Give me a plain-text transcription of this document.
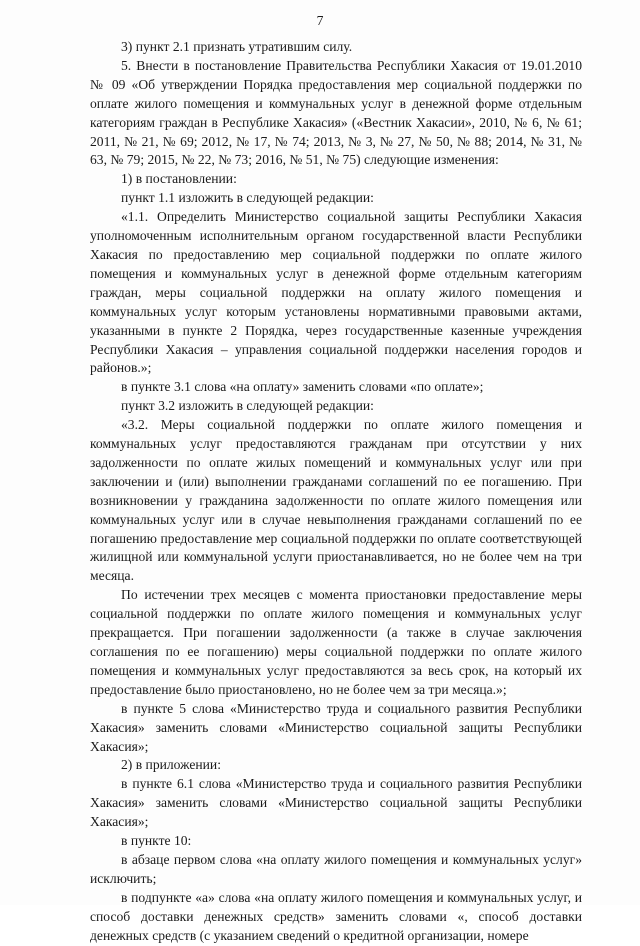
7

3) пункт 2.1 признать утратившим силу.

5. Внести в постановление Правительства Республики Хакасия от 19.01.2010 № 09 «Об утверждении Порядка предоставления мер социальной поддержки по оплате жилого помещения и коммунальных услуг в денежной форме отдельным категориям граждан в Республике Хакасия» («Вестник Хакасии», 2010, № 6, № 61; 2011, № 21, № 69; 2012, № 17, № 74; 2013, № 3, № 27, № 50, № 88; 2014, № 31, № 63, № 79; 2015, № 22, № 73; 2016, № 51, № 75) следующие изменения:

1) в постановлении:

пункт 1.1 изложить в следующей редакции:

«1.1. Определить Министерство социальной защиты Республики Хакасия уполномоченным исполнительным органом государственной власти Республики Хакасия по предоставлению мер социальной поддержки по оплате жилого помещения и коммунальных услуг в денежной форме отдельным категориям граждан, меры социальной поддержки на оплату жилого помещения и коммунальных услуг которым установлены нормативными правовыми актами, указанными в пункте 2 Порядка, через государственные казенные учреждения Республики Хакасия – управления социальной поддержки населения городов и районов.»;

в пункте 3.1 слова «на оплату» заменить словами «по оплате»;

пункт 3.2 изложить в следующей редакции:

«3.2. Меры социальной поддержки по оплате жилого помещения и коммунальных услуг предоставляются гражданам при отсутствии у них задолженности по оплате жилых помещений и коммунальных услуг или при заключении и (или) выполнении гражданами соглашений по ее погашению. При возникновении у гражданина задолженности по оплате жилого помещения или коммунальных услуг или в случае невыполнения гражданами соглашений по ее погашению предоставление мер социальной поддержки по оплате соответствующей жилищной или коммунальной услуги приостанавливается, но не более чем на три месяца.

По истечении трех месяцев с момента приостановки предоставление меры социальной поддержки по оплате жилого помещения и коммунальных услуг прекращается. При погашении задолженности (а также в случае заключения соглашения по ее погашению) меры социальной поддержки по оплате жилого помещения и коммунальных услуг предоставляются за весь срок, на который их предоставление было приостановлено, но не более чем за три месяца.»;

в пункте 5 слова «Министерство труда и социального развития Республики Хакасия» заменить словами «Министерство социальной защиты Республики Хакасия»;

2) в приложении:

в пункте 6.1 слова «Министерство труда и социального развития Республики Хакасия» заменить словами «Министерство социальной защиты Республики Хакасия»;

в пункте 10:

в абзаце первом слова «на оплату жилого помещения и коммунальных услуг» исключить;

в подпункте «а» слова «на оплату жилого помещения и коммунальных услуг, и способ доставки денежных средств» заменить словами «, способ доставки денежных средств (с указанием сведений о кредитной организации, номере
